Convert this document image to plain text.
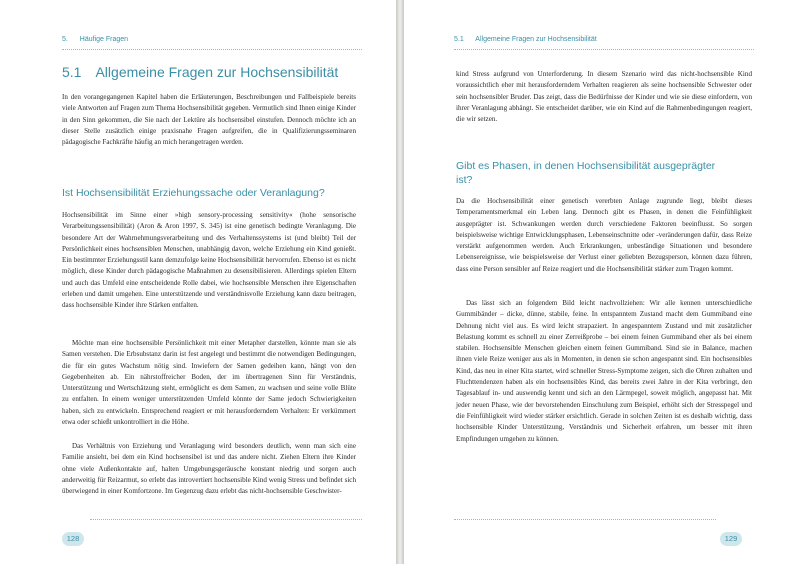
5. Häufige Fragen
5.1 Allgemeine Fragen zur Hochsensibilität

In den vorangegangenen Kapitel haben die Erläuterungen, Beschreibungen und Fallbeispiele bereits viele Antworten auf Fragen zum Thema Hochsensibilität gegeben. Vermutlich sind Ihnen einige Kinder in den Sinn gekommen, die Sie nach der Lektüre als hochsensibel einstufen. Dennoch möchte ich an dieser Stelle zusätzlich einige praxisnahe Fragen aufgreifen, die in Qualifizierungsseminaren pädagogische Fachkräfte häufig an mich herangetragen werden.

Ist Hochsensibilität Erziehungssache oder Veranlagung?

Hochsensibilität im Sinne einer »high sensory-processing sensitivity« (hohe sensorische Verarbeitungssensibilität) (Aron & Aron 1997, S. 345) ist eine genetisch bedingte Veranlagung. Die besondere Art der Wahrnehmungsverarbeitung und des Verhaltenssystems ist (und bleibt) Teil der Persönlichkeit eines hochsensiblen Menschen, unabhängig davon, welche Erziehung ein Kind genießt. Ein bestimmter Erziehungsstil kann demzufolge keine Hochsensibilität hervorrufen. Ebenso ist es nicht möglich, diese Kinder durch pädagogische Maßnahmen zu desensibilisieren. Allerdings spielen Eltern und auch das Umfeld eine entscheidende Rolle dabei, wie hochsensible Menschen ihre Eigenschaften erleben und damit umgehen. Eine unterstützende und verständnisvolle Erziehung kann dazu beitragen, dass hochsensible Kinder ihre Stärken entfalten.

Möchte man eine hochsensible Persönlichkeit mit einer Metapher darstellen, könnte man sie als Samen verstehen. Die Erbsubstanz darin ist fest angelegt und bestimmt die notwendigen Bedingungen, die für ein gutes Wachstum nötig sind. Inwiefern der Samen gedeihen kann, hängt von den Gegebenheiten ab. Ein nährstoffreicher Boden, der im übertragenen Sinn für Verständnis, Unterstützung und Wertschätzung steht, ermöglicht es dem Samen, zu wachsen und seine volle Blüte zu entfalten. In einem weniger unterstützenden Umfeld könnte der Same jedoch Schwierigkeiten haben, sich zu entwickeln. Entsprechend reagiert er mit herausforderndem Verhalten: Er verkümmert etwa oder schießt unkontrolliert in die Höhe.

Das Verhältnis von Erziehung und Veranlagung wird besonders deutlich, wenn man sich eine Familie ansieht, bei dem ein Kind hochsensibel ist und das andere nicht. Ziehen Eltern ihre Kinder ohne viele Außenkontakte auf, halten Umgebungsgeräusche konstant niedrig und sorgen auch anderweitig für Reizarmut, so erlebt das introvertiert hochsensible Kind wenig Stress und befindet sich überwiegend in einer Komfortzone. Im Gegenzug dazu erlebt das nicht-hochsensible Geschwister-

128
5.1 Allgemeine Fragen zur Hochsensibilität

kind Stress aufgrund von Unterforderung. In diesem Szenario wird das nicht-hochsensible Kind voraussichtlich eher mit herausforderndem Verhalten reagieren als seine hochsensible Schwester oder sein hochsensibler Bruder. Das zeigt, dass die Bedürfnisse der Kinder und wie sie diese einfordern, von ihrer Veranlagung abhängt. Sie entscheidet darüber, wie ein Kind auf die Rahmenbedingungen reagiert, die wir setzen.

Gibt es Phasen, in denen Hochsensibilität ausgeprägter ist?

Da die Hochsensibilität einer genetisch vererbten Anlage zugrunde liegt, bleibt dieses Temperamentsmerkmal ein Leben lang. Dennoch gibt es Phasen, in denen die Feinfühligkeit ausgeprägter ist. Schwankungen werden durch verschiedene Faktoren beeinflusst. So sorgen beispielsweise wichtige Entwicklungsphasen, Lebenseinschnitte oder -veränderungen dafür, dass Reize verstärkt aufgenommen werden. Auch Erkrankungen, unbeständige Situationen und besondere Lebensereignisse, wie beispielsweise der Verlust einer geliebten Bezugsperson, können dazu führen, dass eine Person sensibler auf Reize reagiert und die Hochsensibilität stärker zum Tragen kommt.

Das lässt sich an folgendem Bild leicht nachvollziehen: Wir alle kennen unterschiedliche Gummibänder – dicke, dünne, stabile, feine. In entspanntem Zustand macht dem Gummiband eine Dehnung nicht viel aus. Es wird leicht strapaziert. In angespanntem Zustand und mit zusätzlicher Belastung kommt es schnell zu einer Zerreißprobe – bei einem feinen Gummiband eher als bei einem stabilen. Hochsensible Menschen gleichen einem feinen Gummiband. Sind sie in Balance, machen ihnen viele Reize weniger aus als in Momenten, in denen sie schon angespannt sind. Ein hochsensibles Kind, das neu in einer Kita startet, wird schneller Stress-Symptome zeigen, sich die Ohren zuhalten und Fluchttendenzen haben als ein hochsensibles Kind, das bereits zwei Jahre in der Kita verbringt, den Tagesablauf in- und auswendig kennt und sich an den Lärmpegel, soweit möglich, angepasst hat. Mit jeder neuen Phase, wie der bevorstehenden Einschulung zum Beispiel, erhöht sich der Stresspegel und die Feinfühligkeit wird wieder stärker ersichtlich. Gerade in solchen Zeiten ist es deshalb wichtig, dass hochsensible Kinder Unterstützung, Verständnis und Sicherheit erfahren, um besser mit ihren Empfindungen umgehen zu können.

129
